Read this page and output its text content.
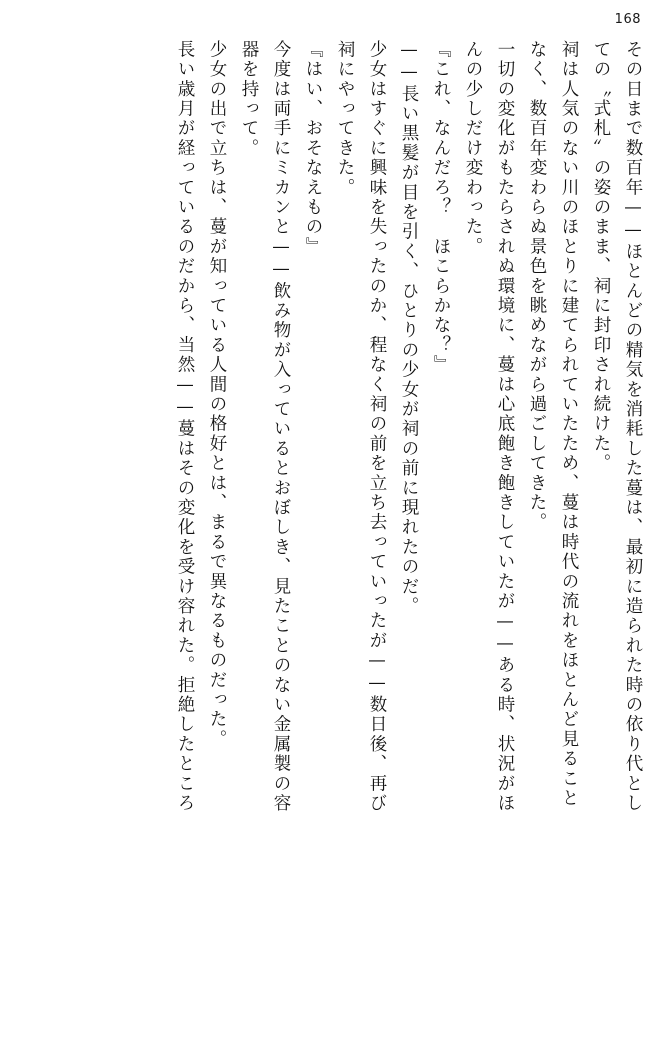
168
その日まで数百年——ほとんどの精気を消耗した蔓は、最初に造られた時の依り代とし
ての〝式札〟の姿のまま、祠に封印され続けた。
祠は人気のない川のほとりに建てられていたため、蔓は時代の流れをほとんど見ること
なく、数百年変わらぬ景色を眺めながら過ごしてきた。
一切の変化がもたらされぬ環境に、蔓は心底飽き飽きしていたが——ある時、状況がほ
んの少しだけ変わった。
『これ、なんだろ？　ほこらかな？』
——長い黒髪が目を引く、ひとりの少女が祠の前に現れたのだ。
少女はすぐに興味を失ったのか、程なく祠の前を立ち去っていったが——数日後、再び
祠にやってきた。
『はい、おそなえもの』
今度は両手にミカンと——飲み物が入っているとおぼしき、見たことのない金属製の容
器を持って。
少女の出で立ちは、蔓が知っている人間の格好とは、まるで異なるものだった。
長い歳月が経っているのだから、当然——蔓はその変化を受け容れた。拒絶したところ
